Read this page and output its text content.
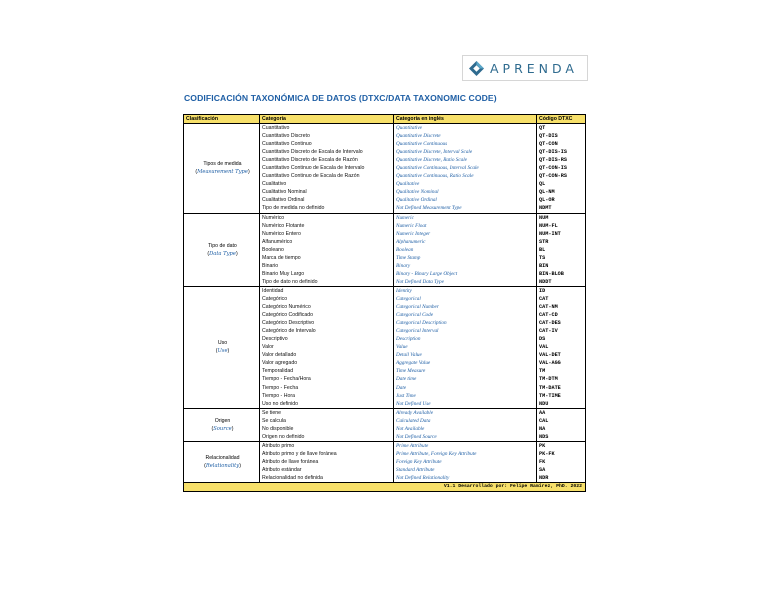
APRENDA
CODIFICACIÓN TAXONÓMICA DE DATOS (DTXC/DATA TAXONOMIC CODE)
Clasificación	Categoría	Categoría en inglés	Código DTXC
Tipos de medida
(Measurement Type)	Cuantitativo	Quantitative	QT
	Cuantitativo Discreto	Quantitative Discrete	QT-DIS
	Cuantitativo Continuo	Quantitative Continuous	QT-CON
	Cuantitativo Discreto de Escala de Intervalo	Quantitative Discrete, Interval Scale	QT-DIS-IS
	Cuantitativo Discreto de Escala de Razón	Quantitative Discrete, Ratio Scale	QT-DIS-RS
	Cuantitativo Continuo de Escala de Intervalo	Quantitative Continuous, Interval Scale	QT-CON-IS
	Cuantitativo Continuo de Escala de Razón	Quantitative Continuous, Ratio Scale	QT-CON-RS
	Cualitativo	Qualitative	QL
	Cualitativo Nominal	Qualitative Nominal	QL-NM
	Cualitativo Ordinal	Qualitative Ordinal	QL-OR
	Tipo de medida no definido	Not Defined Measurement Type	NDMT
Tipo de dato
(Data Type)	Numérico	Numeric	NUM
	Numérico Flotante	Numeric Float	NUM-FL
	Numérico Entero	Numeric Integer	NUM-INT
	Alfanumérico	Alphanumeric	STR
	Booleano	Boolean	BL
	Marca de tiempo	Time Stamp	TS
	Binario	Binary	BIN
	Binario Muy Largo	Binary - Binary Large Object	BIN-BLOB
	Tipo de dato no definido	Not Defined Data Type	NDDT
Uso
(Use)	Identidad	Identity	ID
	Categórico	Categorical	CAT
	Categórico Numérico	Categorical Number	CAT-NM
	Categórico Codificado	Categorical Code	CAT-CD
	Categórico Descriptivo	Categorical Description	CAT-DES
	Categórico de Intervalo	Categorical Interval	CAT-IV
	Descriptivo	Description	DS
	Valor	Value	VAL
	Valor detallado	Detail Value	VAL-DET
	Valor agregado	Aggregate Value	VAL-AGG
	Temporalidad	Time Measure	TM
	Tiempo - Fecha/Hora	Date time	TM-DTM
	Tiempo - Fecha	Date	TM-DATE
	Tiempo - Hora	Just Time	TM-TIME
	Uso no definido	Not Defined Use	NDU
Origen
(Source)	Se tiene	Already Available	AA
	Se calcula	Calculated Data	CAL
	No disponible	Not Available	NA
	Origen no definido	Not Defined Source	NDS
Relacionalidad
(Relationality)	Atributo primo	Prime Attribute	PK
	Atributo primo y de llave foránea	Prime Attribute, Foreign Key Attribute	PK-FK
	Atributo de llave foránea	Foreign Key Attribute	FK
	Atributo estándar	Standard Attribute	SA
	Relacionalidad no definida	Not Defined Relationality	NDR
V1.1 Desarrollado por: Felipe Ramírez, PhD. 2022			
